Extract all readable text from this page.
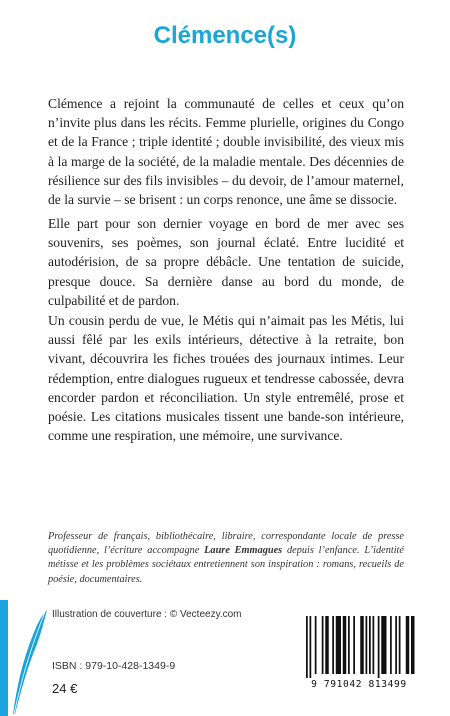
Clémence(s)

Clémence a rejoint la communauté de celles et ceux qu’on n’invite plus dans les récits. Femme plurielle, origines du Congo et de la France ; triple identité ; double invisibilité, des vieux mis à la marge de la société, de la maladie mentale. Des décennies de résilience sur des fils invisibles – du devoir, de l’amour maternel, de la survie – se brisent : un corps renonce, une âme se dissocie.

Elle part pour son dernier voyage en bord de mer avec ses souvenirs, ses poèmes, son journal éclaté. Entre lucidité et autodérision, de sa propre débâcle. Une tentation de suicide, presque douce. Sa dernière danse au bord du monde, de culpabilité et de pardon.

Un cousin perdu de vue, le Métis qui n’aimait pas les Métis, lui aussi fêlé par les exils intérieurs, détective à la retraite, bon vivant, découvrira les fiches trouées des journaux intimes. Leur rédemption, entre dialogues rugueux et tendresse cabossée, devra encorder pardon et réconciliation. Un style entremêlé, prose et poésie. Les citations musicales tissent une bande-son intérieure, comme une respiration, une mémoire, une survivance.

Professeur de français, bibliothécaire, libraire, correspondante locale de presse quotidienne, l’écriture accompagne Laure Emmagues depuis l’enfance. L’identité métisse et les problèmes sociétaux entretiennent son inspiration : romans, recueils de poésie, documentaires.

Illustration de couverture : © Vecteezy.com
ISBN : 979-10-428-1349-9
24 €	9 791042 813499
